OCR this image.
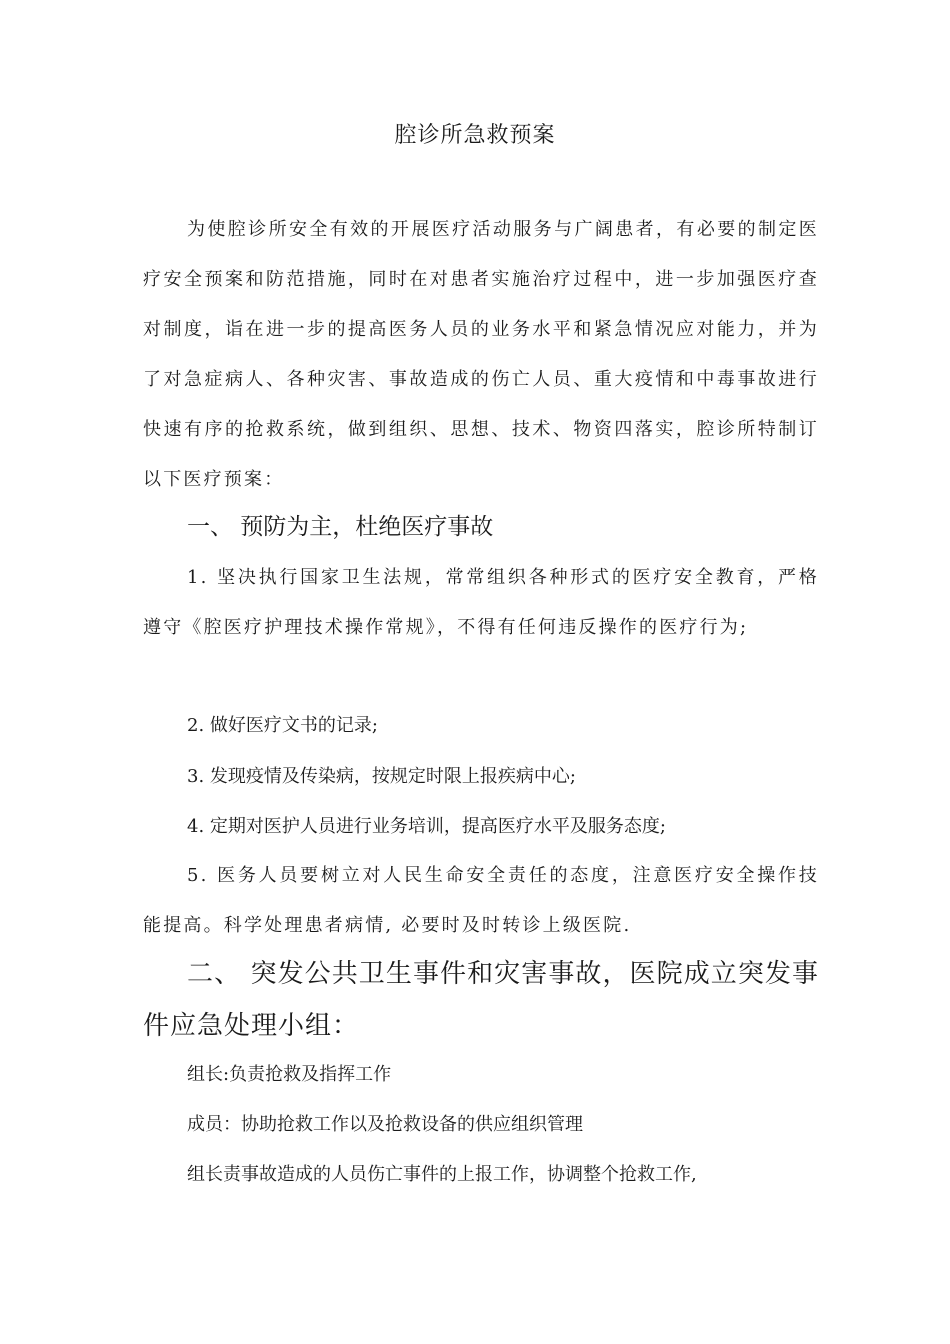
腔诊所急救预案
为使腔诊所安全有效的开展医疗活动服务与广阔患者，有必要的制定医疗安全预案和防范措施，同时在对患者实施治疗过程中，进一步加强医疗查对制度，诣在进一步的提高医务人员的业务水平和紧急情况应对能力，并为了对急症病人、各种灾害、事故造成的伤亡人员、重大疫情和中毒事故进行快速有序的抢救系统，做到组织、思想、技术、物资四落实，腔诊所特制订以下医疗预案：
一、 预防为主，杜绝医疗事故
1. 坚决执行国家卫生法规，常常组织各种形式的医疗安全教育，严格遵守《腔医疗护理技术操作常规》，不得有任何违反操作的医疗行为;
2. 做好医疗文书的记录;
3. 发现疫情及传染病，按规定时限上报疾病中心;
4. 定期对医护人员进行业务培训，提高医疗水平及服务态度;
5. 医务人员要树立对人民生命安全责任的态度，注意医疗安全操作技能提高。科学处理患者病情, 必要时及时转诊上级医院.
二、 突发公共卫生事件和灾害事故，医院成立突发事件应急处理小组：
组长:负责抢救及指挥工作
成员：协助抢救工作以及抢救设备的供应组织管理
组长责事故造成的人员伤亡事件的上报工作，协调整个抢救工作,
